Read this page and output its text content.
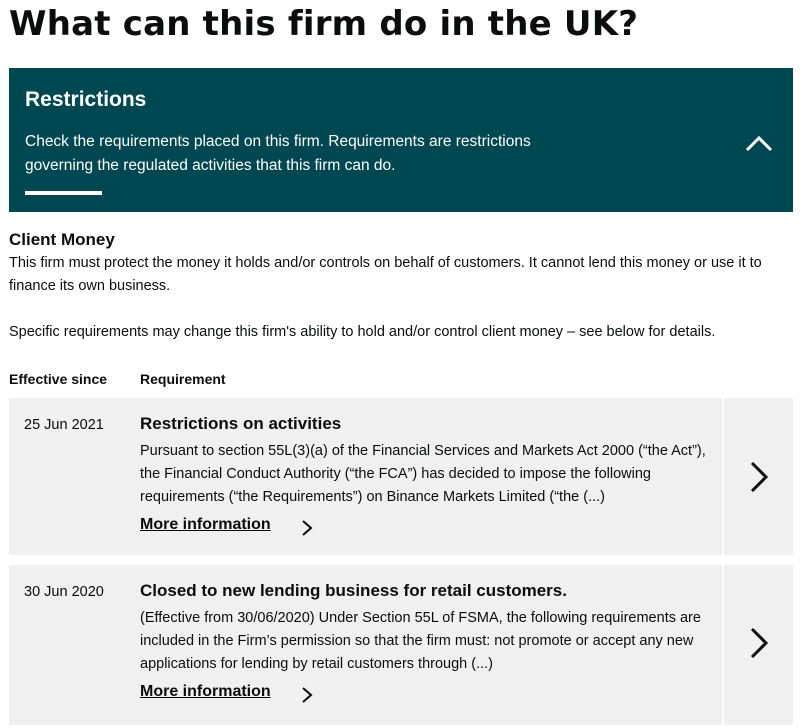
What can this firm do in the UK?
Restrictions

Check the requirements placed on this firm. Requirements are restrictions governing the regulated activities that this firm can do.

Client Money

This firm must protect the money it holds and/or controls on behalf of customers. It cannot lend this money or use it to finance its own business.

Specific requirements may change this firm's ability to hold and/or control client money – see below for details.

Effective since Requirement
25 Jun 2021 Restrictions on activities

Pursuant to section 55L(3)(a) of the Financial Services and Markets Act 2000 (“the Act”), the Financial Conduct Authority (“the FCA”) has decided to impose the following requirements (“the Requirements”) on Binance Markets Limited (“the (...)

More information
30 Jun 2020 Closed to new lending business for retail customers.

(Effective from 30/06/2020) Under Section 55L of FSMA, the following requirements are included in the Firm’s permission so that the firm must: not promote or accept any new applications for lending by retail customers through (...)

More information
